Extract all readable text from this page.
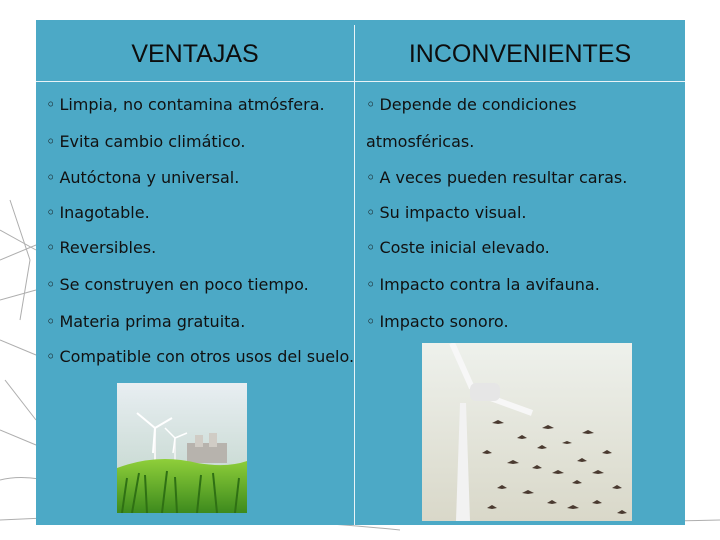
VENTAJAS	INCONVENIENTES
◦ Limpia, no contamina atmósfera.
◦ Evita cambio climático.
◦ Autóctona y universal.
◦ Inagotable.
◦ Reversibles.
◦ Se construyen en poco tiempo.
◦ Materia prima gratuita.
◦ Compatible con otros usos del suelo.
◦ Depende de condiciones
atmosféricas.
◦ A veces pueden resultar caras.
◦ Su impacto visual.
◦ Coste inicial elevado.
◦ Impacto contra la avifauna.
◦ Impacto sonoro.
